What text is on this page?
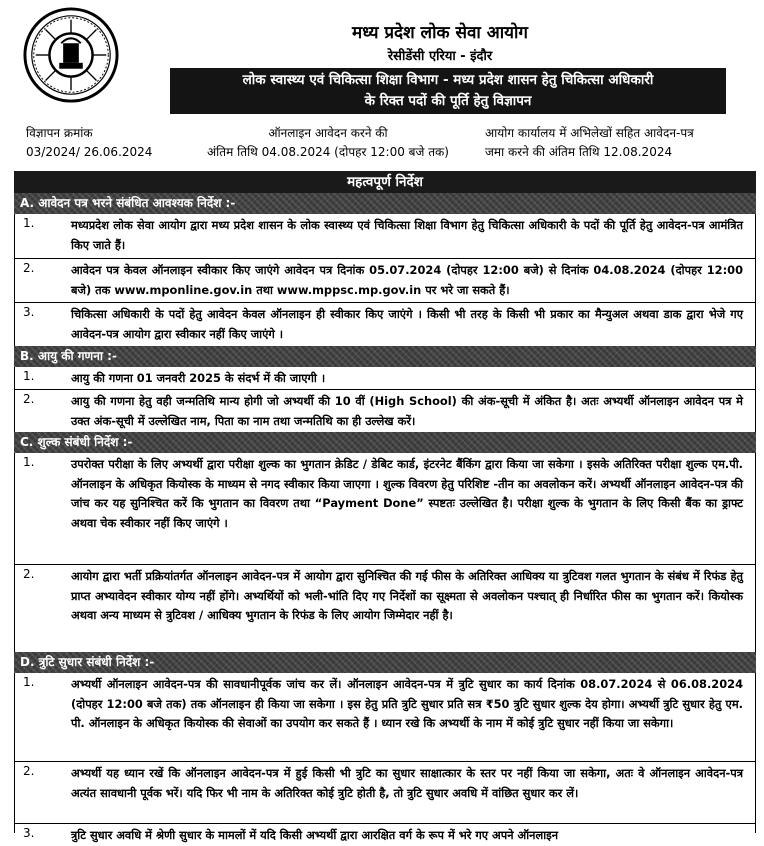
मध्य प्रदेश लोक सेवा आयोग
रेसीडेंसी एरिया - इंदौर
लोक स्वास्थ्य एवं चिकित्सा शिक्षा विभाग - मध्य प्रदेश शासन हेतु चिकित्सा अधिकारी
के रिक्त पदों की पूर्ति हेतु विज्ञापन
विज्ञापन क्रमांक
03/2024/ 26.06.2024
ऑनलाइन आवेदन करने की
अंतिम तिथि 04.08.2024 (दोपहर 12:00 बजे तक)
आयोग कार्यालय में अभिलेखों सहित आवेदन-पत्र
जमा करने की अंतिम तिथि 12.08.2024
महत्वपूर्ण निर्देश
A. आवेदन पत्र भरने संबंधित आवश्यक निर्देश :-
1.	मध्यप्रदेश लोक सेवा आयोग द्वारा मध्य प्रदेश शासन के लोक स्वास्थ्य एवं चिकित्सा शिक्षा विभाग हेतु चिकित्सा अधिकारी के पदों की पूर्ति हेतु आवेदन-पत्र आमंत्रित किए जाते हैं।
2.	आवेदन पत्र केवल ऑनलाइन स्वीकार किए जाएंगे आवेदन पत्र दिनांक 05.07.2024 (दोपहर 12:00 बजे) से दिनांक 04.08.2024 (दोपहर 12:00 बजे) तक www.mponline.gov.in तथा www.mppsc.mp.gov.in पर भरे जा सकते हैं।
3.	चिकित्सा अधिकारी के पदों हेतु आवेदन केवल ऑनलाइन ही स्वीकार किए जाएंगे । किसी भी तरह के किसी भी प्रकार का मैन्युअल अथवा डाक द्वारा भेजे गए आवेदन-पत्र आयोग द्वारा स्वीकार नहीं किए जाएंगे ।
B. आयु की गणना :-
1.	आयु की गणना 01 जनवरी 2025 के संदर्भ में की जाएगी ।
2.	आयु की गणना हेतु वही जन्मतिथि मान्य होगी जो अभ्यर्थी की 10 वीं (High School) की अंक-सूची में अंकित है। अतः अभ्यर्थी ऑनलाइन आवेदन पत्र मे उक्त अंक-सूची में उल्लेखित नाम, पिता का नाम तथा जन्मतिथि का ही उल्लेख करें।
C. शुल्क संबंधी निर्देश :-
1.	उपरोक्त परीक्षा के लिए अभ्यर्थी द्वारा परीक्षा शुल्क का भुगतान क्रेडिट / डेबिट कार्ड, इंटरनेट बैंकिंग द्वारा किया जा सकेगा । इसके अतिरिक्त परीक्षा शुल्क एम.पी. ऑनलाइन के अधिकृत कियोस्क के माध्यम से नगद स्वीकार किया जाएगा । शुल्क विवरण हेतु परिशिष्ट -तीन का अवलोकन करें। अभ्यर्थी ऑनलाइन आवेदन-पत्र की जांच कर यह सुनिश्चित करें कि भुगतान का विवरण तथा “Payment Done” स्पष्टतः उल्लेखित है। परीक्षा शुल्क के भुगतान के लिए किसी बैंक का ड्राफ्ट अथवा चेक स्वीकार नहीं किए जाएंगे ।
2.	आयोग द्वारा भर्ती प्रक्रियांतर्गत ऑनलाइन आवेदन-पत्र में आयोग द्वारा सुनिश्चित की गई फीस के अतिरिक्त आधिक्य या त्रुटिवश गलत भुगतान के संबंध में रिफंड हेतु प्राप्त अभ्यावेदन स्वीकार योग्य नहीं होंगे। अभ्यर्थियों को भली-भांति दिए गए निर्देशों का सूक्ष्मता से अवलोकन पश्चात् ही निर्धारित फीस का भुगतान करें। कियोस्क अथवा अन्य माध्यम से त्रुटिवश / आधिक्य भुगतान के रिफंड के लिए आयोग जिम्मेदार नहीं है।
D. त्रुटि सुधार संबंधी निर्देश :-
1.	अभ्यर्थी ऑनलाइन आवेदन-पत्र की सावधानीपूर्वक जांच कर लें। ऑनलाइन आवेदन-पत्र में त्रुटि सुधार का कार्य दिनांक 08.07.2024 से 06.08.2024 (दोपहर 12:00 बजे तक) तक ऑनलाइन ही किया जा सकेगा । इस हेतु प्रति त्रुटि सुधार प्रति सत्र ₹50 त्रुटि सुधार शुल्क देय होगा। अभ्यर्थी त्रुटि सुधार हेतु एम. पी. ऑनलाइन के अधिकृत कियोस्क की सेवाओं का उपयोग कर सकते हैं । ध्यान रखे कि अभ्यर्थी के नाम में कोई त्रुटि सुधार नहीं किया जा सकेगा।
2.	अभ्यर्थी यह ध्यान रखें कि ऑनलाइन आवेदन-पत्र में हुई किसी भी त्रुटि का सुधार साक्षात्कार के स्तर पर नहीं किया जा सकेगा, अतः वे ऑनलाइन आवेदन-पत्र अत्यंत सावधानी पूर्वक भरें। यदि फिर भी नाम के अतिरिक्त कोई त्रुटि होती है, तो त्रुटि सुधार अवधि में वांछित सुधार कर लें।
3.	त्रुटि सुधार अवधि में श्रेणी सुधार के मामलों में यदि किसी अभ्यर्थी द्वारा आरक्षित वर्ग के रूप में भरे गए अपने ऑनलाइन
